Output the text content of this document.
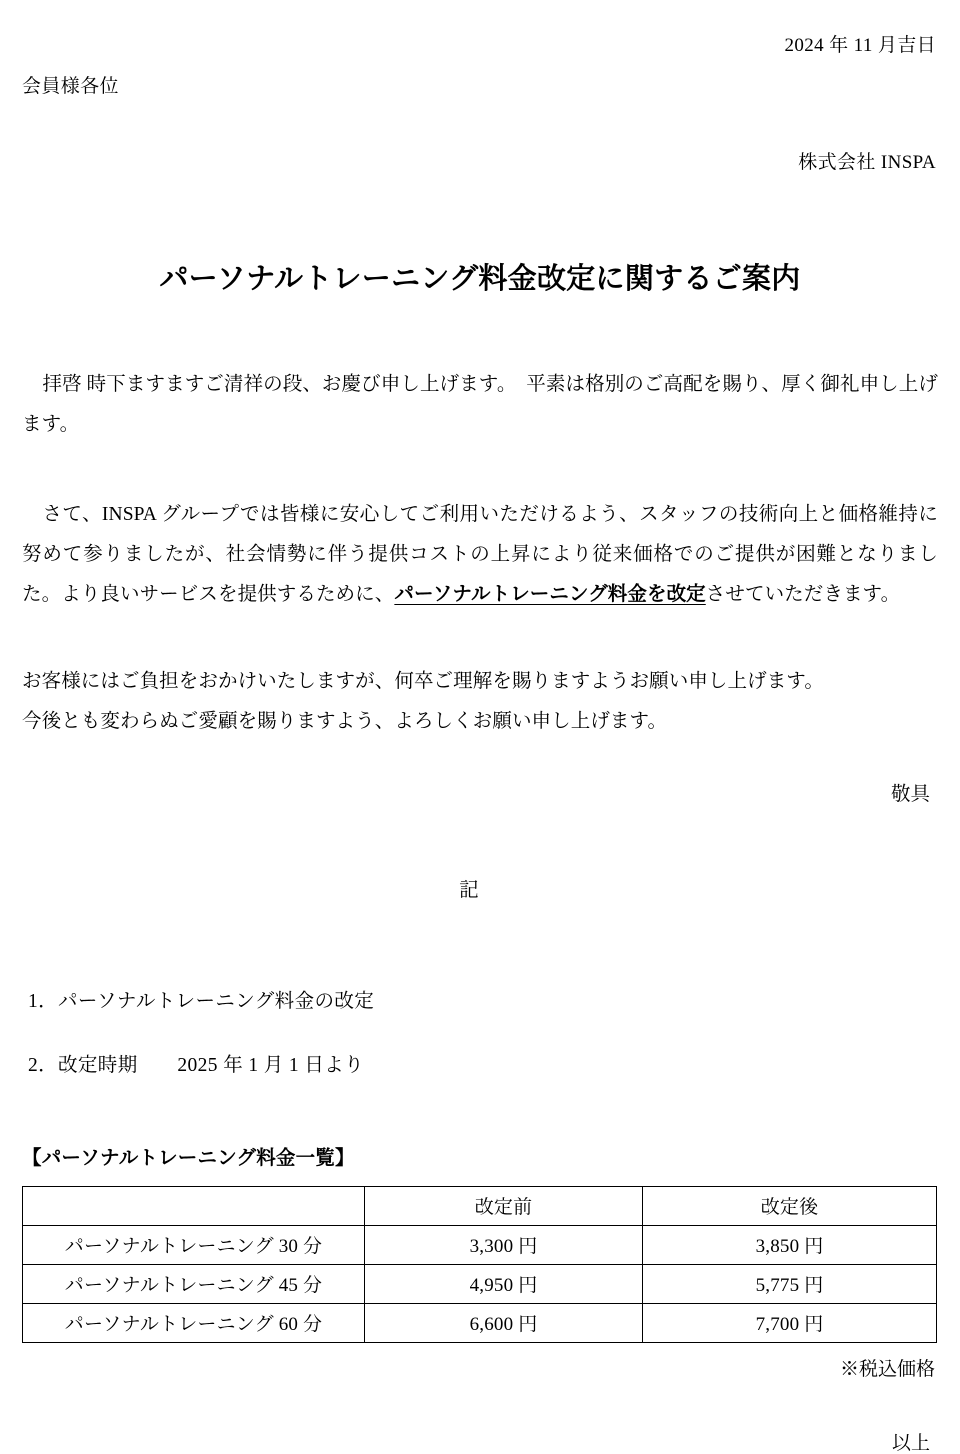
2024 年 11 月吉日
会員様各位
株式会社 INSPA
パーソナルトレーニング料金改定に関するご案内

拝啓 時下ますますご清祥の段、お慶び申し上げます。　平素は格別のご高配を賜り、厚く御礼申し上げます。

さて、INSPA グループでは皆様に安心してご利用いただけるよう、スタッフの技術向上と価格維持に努めて参りましたが、社会情勢に伴う提供コストの上昇により従来価格でのご提供が困難となりました。より良いサービスを提供するために、パーソナルトレーニング料金を改定させていただきます。

お客様にはご負担をおかけいたしますが、何卒ご理解を賜りますようお願い申し上げます。
今後とも変わらぬご愛顧を賜りますよう、よろしくお願い申し上げます。

敬具
記
1．パーソナルトレーニング料金の改定
2．改定時期　　2025 年 1 月 1 日より
【パーソナルトレーニング料金一覧】
	改定前	改定後
パーソナルトレーニング 30 分	3,300 円	3,850 円
パーソナルトレーニング 45 分	4,950 円	5,775 円
パーソナルトレーニング 60 分	6,600 円	7,700 円
※税込価格
以上
